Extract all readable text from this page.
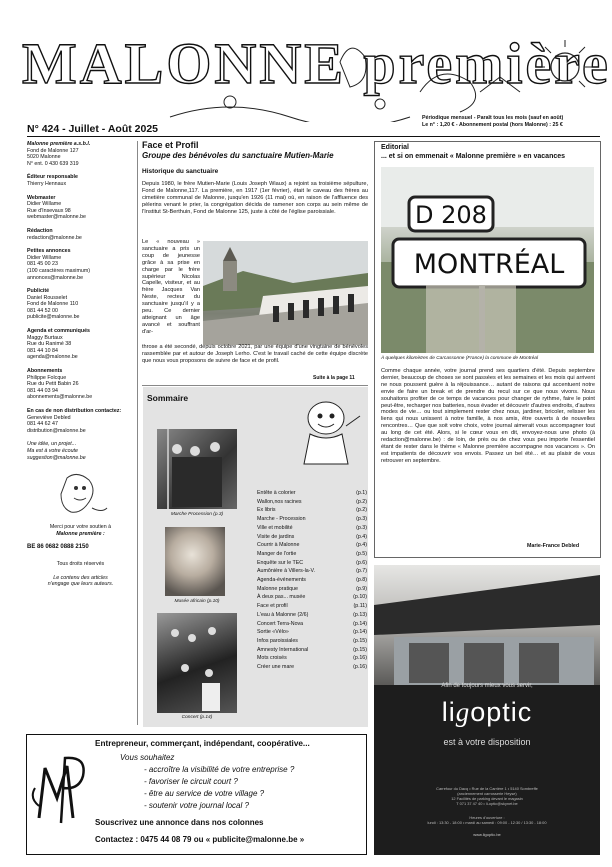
MALONNE première
Périodique mensuel - Paraît tous les mois (sauf en août)
Le n° : 1,20 € - Abonnement postal (hors Malonne) : 25 €
N° 424 - Juillet - Août 2025
Malonne première a.s.b.l.
Fond de Malonne 127
5020 Malonne
N° ent. 0 430 639 319
Éditeur responsable
Thierry Hennaux
Webmaster
Didier Willame
Rue d'Insevaux 98
webmaster@malonne.be
Rédaction
redaction@malonne.be
Petites annonces
Didier Willame
081 45 00 23
(100 caractères maximum)
annonces@malonne.be
Publicité
Daniel Rousselet
Fond de Malonne 110
081 44 52 00
publicite@malonne.be
Agenda et communiqués
Maggy Burtaux
Rue du Ranimé 38
081 44 10 84
agenda@malonne.be
Abonnements
Philippe Folcque
Rue du Petit Babin 26
081 44 03 94
abonnements@malonne.be
En cas de non distribution contactez:
Geneviève Debled
081 44 62 47
distribution@malonne.be
Une idée, un projet...
Ma est à votre écoute
suggestion@malonne.be
Merci pour votre soutien à
Malonne première :
BE 86 0682 0888 2150
Tous droits réservés
Le contenu des articles
n'engage que leurs auteurs.
Face et Profil
Groupe des bénévoles du sanctuaire Mutien-Marie
Historique du sanctuaire
Depuis 1980, le frère Mutien-Marie (Louis Joseph Wiaux) a rejoint sa troisième sépulture, Fond de Malonne,117. La première, en 1917 (1er février), était le caveau des frères au cimetière communal de Malonne, jusqu'en 1926 (11 mai) où, en raison de l'affluence des pèlerins venant le prier, la congrégation décida de ramener son corps au sein même de l'Institut St-Berthuin, Fond de Malonne 125, juste à côté de l'église paroissiale.
Le « nouveau » sanctuaire a pris un coup de jeunesse grâce à sa prise en charge par le frère supérieur Nicolas Capelle, visiteur, et au frère Jacques Van Neste, recteur du sanctuaire jusqu'il y a peu. Ce dernier atteignant un âge avancé et souffrant d'ar-
throse a été secondé, depuis octobre 2021, par une équipe d'une vingtaine de bénévoles rassemblée par et autour de Joseph Lerho. C'est le travail caché de cette équipe discrète que nous vous proposons de suivre de face et de profil.
Suite à la page 11
Sommaire
Marche Procession (p.3)
Musée africain (p.10)
Concert (p.14)
Entête à colorier	(p.1)
Wallon,nos racines	(p.2)
Ex libris	(p.2)
Marche - Procession	(p.3)
Ville et mobilité	(p.3)
Visite de jardins	(p.4)
Courrir à Malonne	(p.4)
Manger de l'ortie	(p.5)
Enquête sur le TEC	(p.6)
Aumônière à Villers-la-V.	(p.7)
Agenda-événements	(p.8)
Malonne pratique	(p.9)
À deux pas... musée	(p.10)
Face et profil	(p.11)
L'eau à Malonne (2/6)	(p.13)
Concert Terra-Nova	(p.14)
Sortie «Vélo»	(p.14)
Infos paroissiales	(p.15)
Amnesty International	(p.15)
Mots croisés	(p.16)
Créer une mare	(p.16)
Editorial
... et si on emmenait « Malonne première » en vacances
D 208
MONTRÉAL
À quelques kilomètres de Carcassonne (France) la commune de Montréal
Comme chaque année, votre journal prend ses quartiers d'été. Depuis septembre dernier, beaucoup de choses se sont passées et les semaines et les mois qui arrivent ne nous poussent guère à la réjouissance… autant de raisons qui accentuent notre envie de faire un break et de prendre du recul sur ce que nous vivons. Nous souhaitons profiter de ce temps de vacances pour changer de rythme, faire le point peut-être, recharger nos batteries, nous évader et découvrir d'autres endroits, d'autres modes de vie… ou tout simplement rester chez nous, jardiner, bricoler, relisser les liens qui nous unissent à notre famille, à nos amis, être ouverts à de nouvelles rencontres… Que que soit votre choix, votre journal aimerait vous accompagner tout au long de cet été. Alors, si le cœur vous en dit, envoyez-nous une photo (à redaction@malonne.be) : de loin, de près ou de chez vous peu importe l'essentiel étant de rester dans le thème « Malonne première accompagne nos vacances ». On est impatients de découvrir vos envois. Passez un bel été… et au plaisir de vous retrouver en septembre.
Marie-France Debled
Afin de toujours mieux vous servir,
ligoptic
est à votre disposition
Carrefour du Dacq • Rue de la Carrière 1 • 5140 Sombreffe
(anciennement carrosserie Heyse)
12 Facilités de parking devant le magasin
T 071 37 47 40 • li-optic@skynet.be
Heures d'ouverture :
lundi : 13:30 - 18:00 • mardi au samedi : 09:00 - 12:30 / 13:30 - 18:00
www.ligoptic.be
Entrepreneur, commerçant, indépendant, coopérative...
Vous souhaitez
- accroître la visibilité de votre entreprise ?
- favoriser le circuit court ?
- être au service de votre village ?
- soutenir votre journal local ?
Souscrivez une annonce dans nos colonnes
Contactez : 0475 44 08 79 ou « publicite@malonne.be »
